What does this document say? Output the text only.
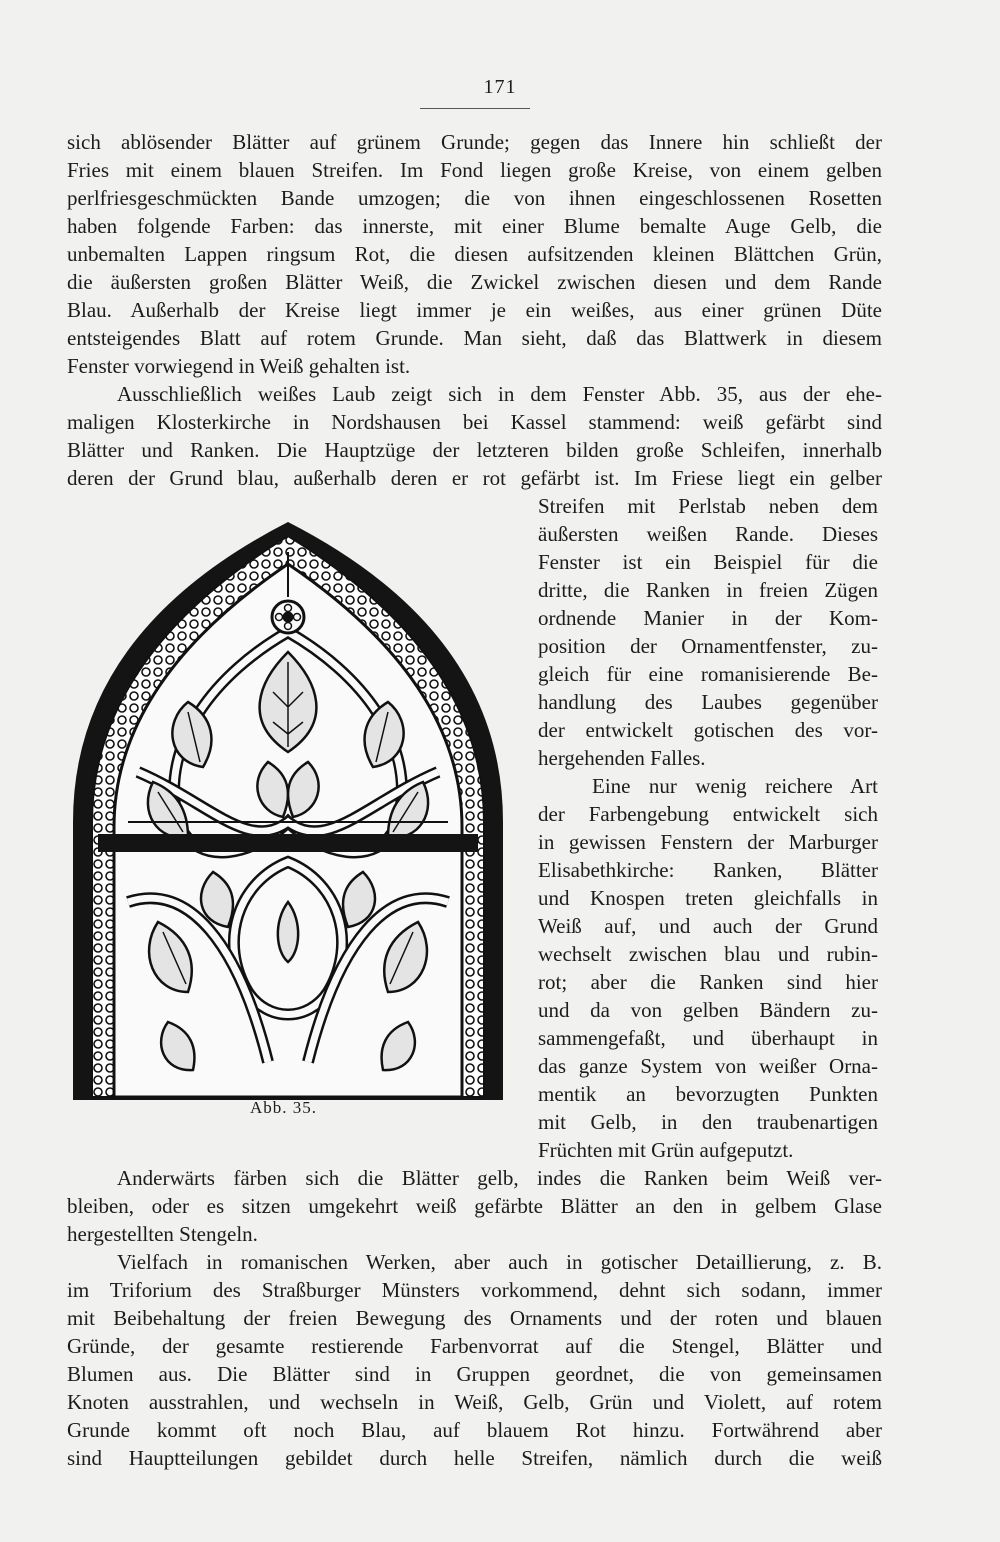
171
sich ablösender Blätter auf grünem Grunde; gegen das Innere hin schließt der
Fries mit einem blauen Streifen. Im Fond liegen große Kreise, von einem gelben
perlfriesgeschmückten Bande umzogen; die von ihnen eingeschlossenen Rosetten
haben folgende Farben: das innerste, mit einer Blume bemalte Auge Gelb, die
unbemalten Lappen ringsum Rot, die diesen aufsitzenden kleinen Blättchen Grün,
die äußersten großen Blätter Weiß, die Zwickel zwischen diesen und dem Rande
Blau. Außerhalb der Kreise liegt immer je ein weißes, aus einer grünen Düte
entsteigendes Blatt auf rotem Grunde. Man sieht, daß das Blattwerk in diesem
Fenster vorwiegend in Weiß gehalten ist.
Ausschließlich weißes Laub zeigt sich in dem Fenster Abb. 35, aus der ehe-
maligen Klosterkirche in Nordshausen bei Kassel stammend: weiß gefärbt sind
Blätter und Ranken. Die Hauptzüge der letzteren bilden große Schleifen, innerhalb
deren der Grund blau, außerhalb deren er rot gefärbt ist. Im Friese liegt ein gelber
Streifen mit Perlstab neben dem
äußersten weißen Rande. Dieses
Fenster ist ein Beispiel für die
dritte, die Ranken in freien Zügen
ordnende Manier in der Kom-
position der Ornamentfenster, zu-
gleich für eine romanisierende Be-
handlung des Laubes gegenüber
der entwickelt gotischen des vor-
hergehenden Falles.
Eine nur wenig reichere Art
der Farbengebung entwickelt sich
in gewissen Fenstern der Marburger
Elisabethkirche: Ranken, Blätter
und Knospen treten gleichfalls in
Weiß auf, und auch der Grund
wechselt zwischen blau und rubin-
rot; aber die Ranken sind hier
und da von gelben Bändern zu-
sammengefaßt, und überhaupt in
das ganze System von weißer Orna-
mentik an bevorzugten Punkten
mit Gelb, in den traubenartigen
Früchten mit Grün aufgeputzt.
Anderwärts färben sich die Blätter gelb, indes die Ranken beim Weiß ver-
bleiben, oder es sitzen umgekehrt weiß gefärbte Blätter an den in gelbem Glase
hergestellten Stengeln.
Vielfach in romanischen Werken, aber auch in gotischer Detaillierung, z. B.
im Triforium des Straßburger Münsters vorkommend, dehnt sich sodann, immer
mit Beibehaltung der freien Bewegung des Ornaments und der roten und blauen
Gründe, der gesamte restierende Farbenvorrat auf die Stengel, Blätter und
Blumen aus. Die Blätter sind in Gruppen geordnet, die von gemeinsamen
Knoten ausstrahlen, und wechseln in Weiß, Gelb, Grün und Violett, auf rotem
Grunde kommt oft noch Blau, auf blauem Rot hinzu. Fortwährend aber
sind Hauptteilungen gebildet durch helle Streifen, nämlich durch die weiß
Abb. 35.
